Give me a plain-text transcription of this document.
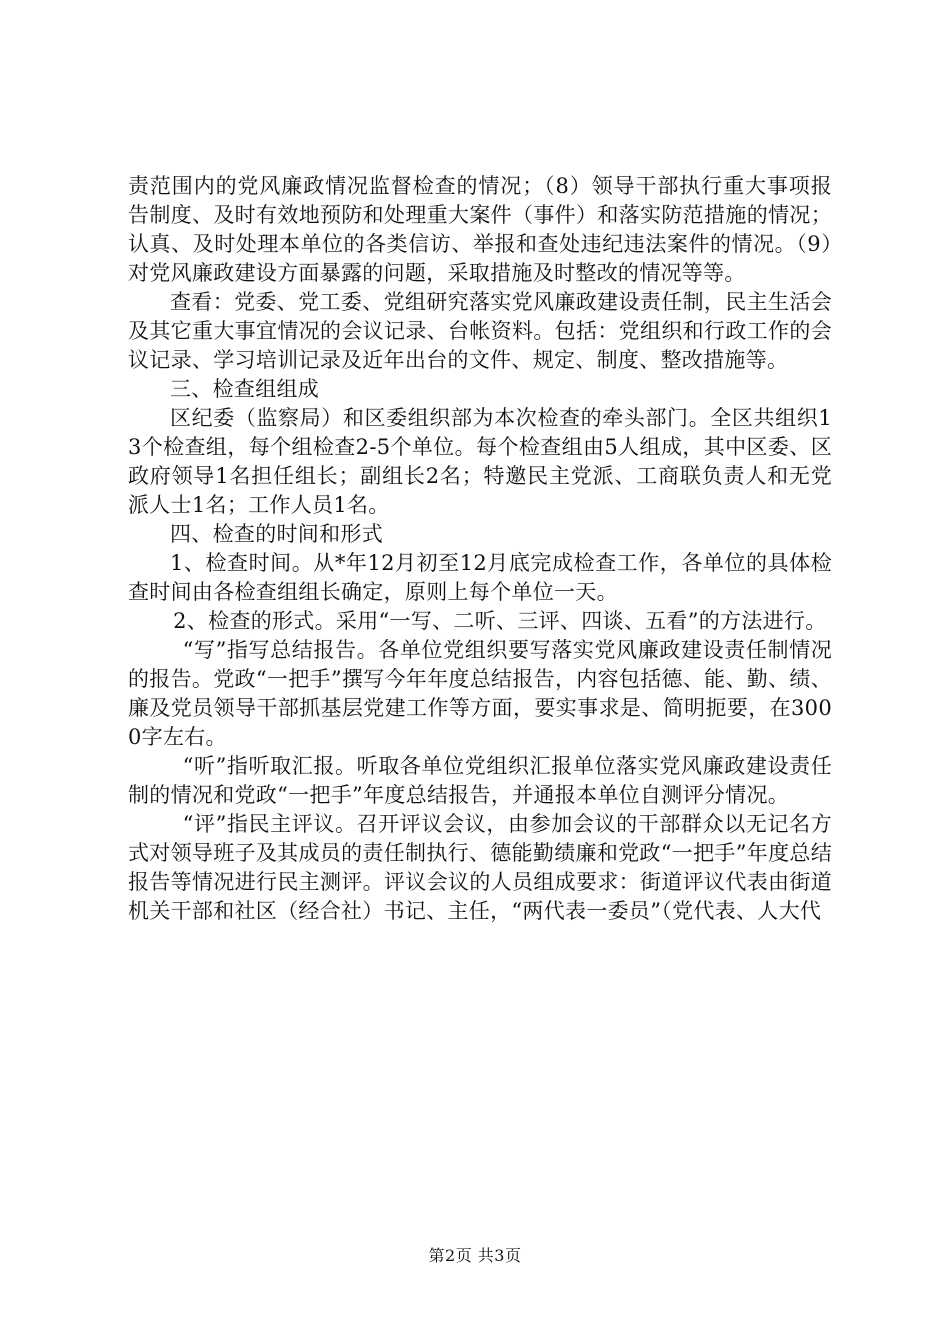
责范围内的党风廉政情况监督检查的情况；（8）领导干部执行重大事项报告制度、及时有效地预防和处理重大案件（事件）和落实防范措施的情况；认真、及时处理本单位的各类信访、举报和查处违纪违法案件的情况。（9）对党风廉政建设方面暴露的问题，采取措施及时整改的情况等等。

查看：党委、党工委、党组研究落实党风廉政建设责任制，民主生活会及其它重大事宜情况的会议记录、台帐资料。包括：党组织和行政工作的会议记录、学习培训记录及近年出台的文件、规定、制度、整改措施等。

三、检查组组成

区纪委（监察局）和区委组织部为本次检查的牵头部门。全区共组织13个检查组，每个组检查2-5个单位。每个检查组由5人组成，其中区委、区政府领导1名担任组长；副组长2名；特邀民主党派、工商联负责人和无党派人士1名；工作人员1名。

四、检查的时间和形式

1、检查时间。从*年12月初至12月底完成检查工作，各单位的具体检查时间由各检查组组长确定，原则上每个单位一天。

2、检查的形式。采用“一写、二听、三评、四谈、五看”的方法进行。

“写”指写总结报告。各单位党组织要写落实党风廉政建设责任制情况的报告。党政“一把手”撰写今年年度总结报告，内容包括德、能、勤、绩、廉及党员领导干部抓基层党建工作等方面，要实事求是、简明扼要，在3000字左右。

“听”指听取汇报。听取各单位党组织汇报单位落实党风廉政建设责任制的情况和党政“一把手”年度总结报告，并通报本单位自测评分情况。

“评”指民主评议。召开评议会议，由参加会议的干部群众以无记名方式对领导班子及其成员的责任制执行、德能勤绩廉和党政“一把手”年度总结报告等情况进行民主测评。评议会议的人员组成要求：街道评议代表由街道机关干部和社区（经合社）书记、主任，“两代表一委员”（党代表、人大代

第2页 共3页
